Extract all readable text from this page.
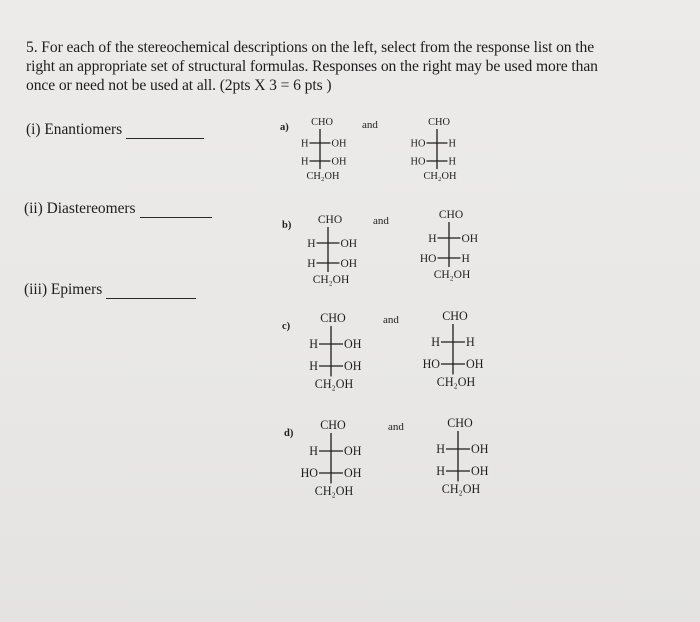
5. For each of the stereochemical descriptions on the left, select from the response list on the
right an appropriate set of structural formulas. Responses on the right may be used more than
once or need not be used at all. (2pts X 3 = 6 pts )
(i) Enantiomers
(ii) Diastereomers
(iii) Epimers
a)	and
CHO
H OH
H OH
CH₂OH
CHO
HO H
HO H
CH₂OH
b)	and
CHO
H OH
H OH
CH₂OH
CHO
H OH
HO H
CH₂OH
c)
and
CHO
H OH
H OH
CH₂OH
CHO
H H
HO OH
CH₂OH
d)
and
CHO
H OH
HO OH
CH₂OH
CHO
H OH
H OH
CH₂OH
